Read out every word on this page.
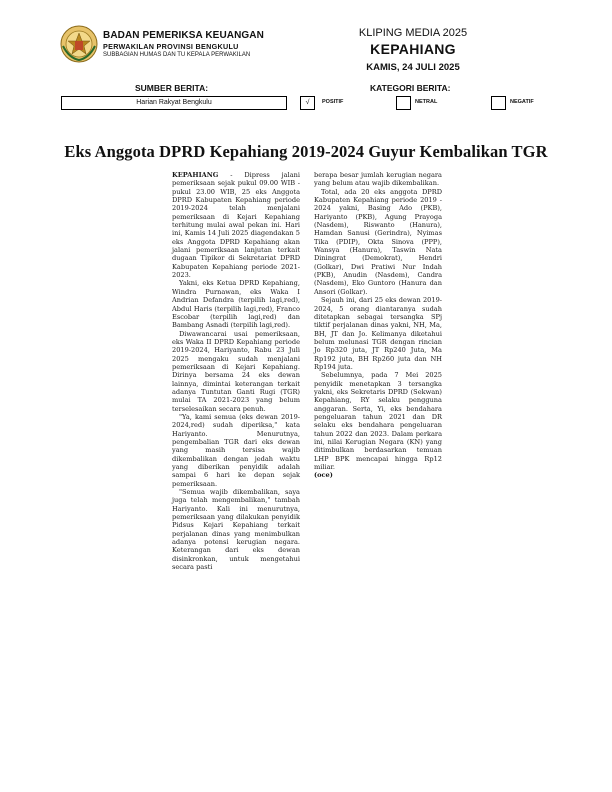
BADAN PEMERIKSA KEUANGAN
PERWAKILAN PROVINSI BENGKULU
SUBBAGIAN HUMAS DAN TU KEPALA PERWAKILAN
KLIPING MEDIA 2025
KEPAHIANG
KAMIS, 24 JULI 2025
SUMBER BERITA:	KATEGORI BERITA:
Harian Rakyat Bengkulu	√	POSITIF	NETRAL	NEGATIF
Eks Anggota DPRD Kepahiang 2019-2024 Guyur Kembalikan TGR

KEPAHIANG - Dipress jalani pemeriksaan sejak pukul 09.00 WIB - pukul 23.00 WIB, 25 eks Anggota DPRD Kabupaten Kepahiang periode 2019-2024 telah menjalani pemeriksaan di Kejari Kepahiang terhitung mulai awal pekan ini. Hari ini, Kamis 14 Juli 2025 diagendakan 5 eks Anggota DPRD Kepahiang akan jalani pemeriksaan lanjutan terkait dugaan Tipikor di Sekretariat DPRD Kabupaten Kepahiang periode 2021-2023.

Yakni, eks Ketua DPRD Kepahiang, Windra Purnawan, eks Waka I Andrian Defandra (terpilih lagi,red), Abdul Haris (terpilih lagi,red), Franco Escobar (terpilih lagi,red) dan Bambang Asnadi (terpilih lagi,red).

Diwawancarai usai pemeriksaan, eks Waka II DPRD Kepahiang periode 2019-2024, Hariyanto, Rabu 23 Juli 2025 mengaku sudah menjalani pemeriksaan di Kejari Kepahiang. Dirinya bersama 24 eks dewan lainnya, dimintai keterangan terkait adanya Tuntutan Ganti Rugi (TGR) mulai TA 2021-2023 yang belum terselesaikan secara penuh.

"Ya, kami semua (eks dewan 2019-2024,red) sudah diperiksa," kata Hariyanto. Menurutnya, pengembalian TGR dari eks dewan yang masih tersisa wajib dikembalikan dengan jedah waktu yang diberikan penyidik adalah sampai 6 hari ke depan sejak pemeriksaan.

"Semua wajib dikembalikan, saya juga telah mengembalikan," tambah Hariyanto. Kali ini menurutnya, pemeriksaan yang dilakukan penyidik Pidsus Kejari Kepahiang terkait perjalanan dinas yang menimbulkan adanya potensi kerugian negara. Keterangan dari eks dewan disinkronkan, untuk mengetahui secara pasti

berapa besar jumlah kerugian negara yang belum atau wajib dikembalikan.

Total, ada 20 eks anggota DPRD Kabupaten Kepahiang periode 2019 - 2024 yakni, Basing Ado (PKB), Hariyanto (PKB), Agung Prayoga (Nasdem), Riswanto (Hanura), Hamdan Sanusi (Gerindra), Nyimas Tika (PDIP), Okta Sinova (PPP), Wansya (Hanura), Taswin Nata Diningrat (Demokrat), Hendri (Golkar), Dwi Pratiwi Nur Indah (PKB), Anudin (Nasdem), Candra (Nasdem), Eko Guntoro (Hanura dan Ansori (Golkar).

Sejauh ini, dari 25 eks dewan 2019-2024, 5 orang diantaranya sudah ditetapkan sebagai tersangka SPj tiktif perjalanan dinas yakni, NH, Ma, BH, JT dan Jo. Kelimanya diketahui belum melunasi TGR dengan rincian Jo Rp320 juta, JT Rp240 Juta, Ma Rp192 juta, BH Rp260 juta dan NH Rp194 juta.

Sebelumnya, pada 7 Mei 2025 penyidik menetapkan 3 tersangka yakni, eks Sekretaris DPRD (Sekwan) Kepahiang, RY selaku pengguna anggaran. Serta, Yi, eks bendahara pengeluaran tahun 2021 dan DR selaku eks bendahara pengeluaran tahun 2022 dan 2023. Dalam perkara ini, nilai Kerugian Negara (KN) yang ditimbulkan berdasarkan temuan LHP BPK mencapai hingga Rp12 miliar.

(oce)
